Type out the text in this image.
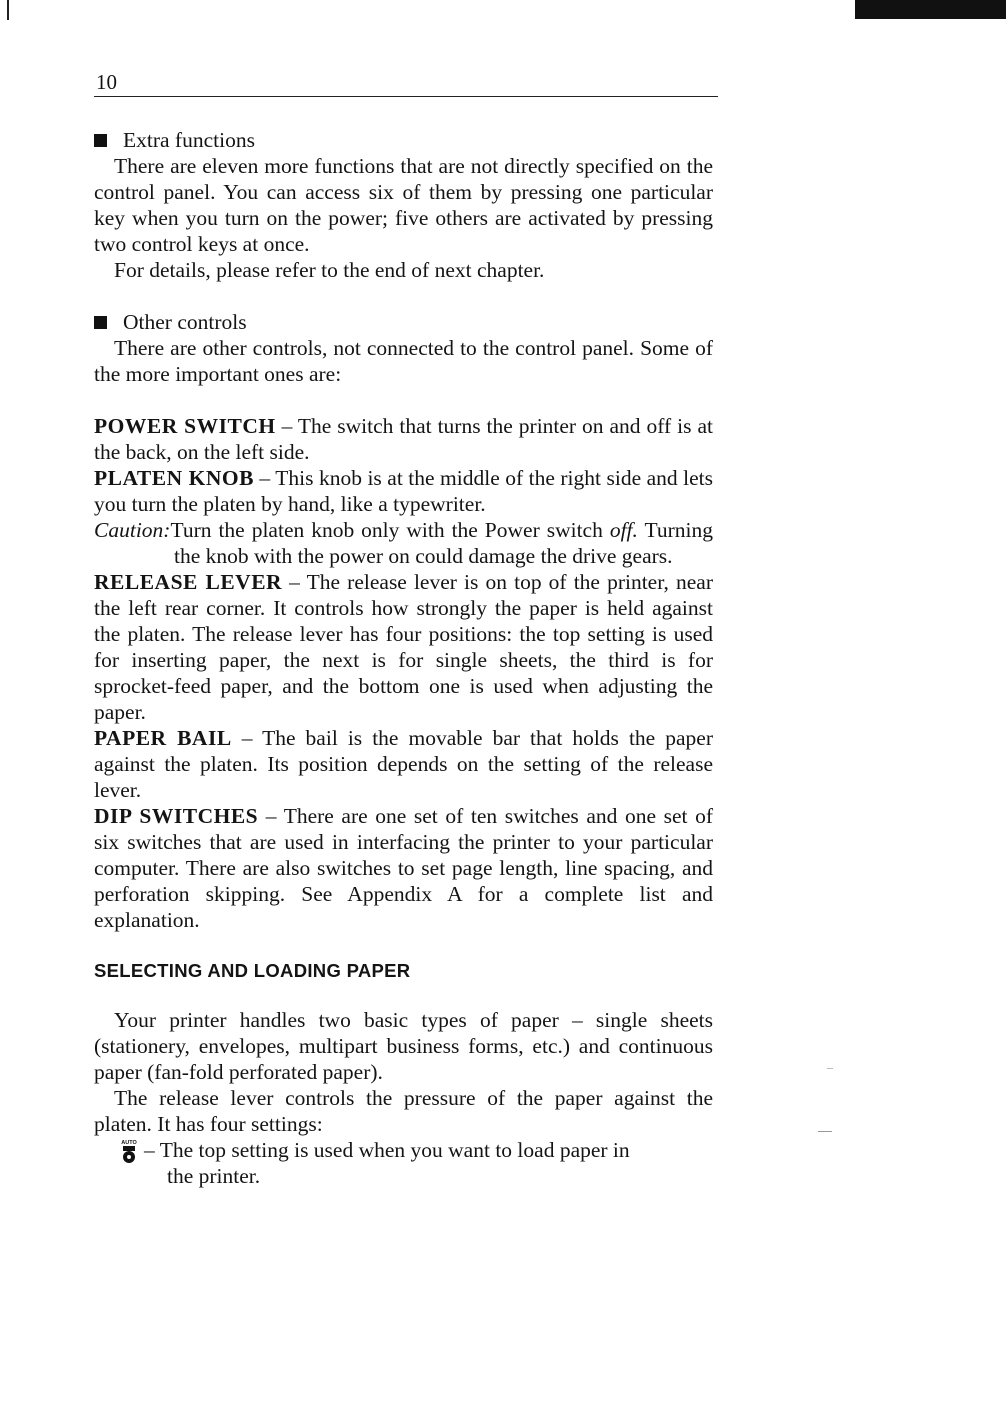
10
Extra functions

There are eleven more functions that are not directly specified on the control panel. You can access six of them by pressing one particular key when you turn on the power; five others are activated by pressing two control keys at once.

For details, please refer to the end of next chapter.

Other controls

There are other controls, not connected to the control panel. Some of the more important ones are:

POWER SWITCH – The switch that turns the printer on and off is at the back, on the left side.

PLATEN KNOB – This knob is at the middle of the right side and lets you turn the platen by hand, like a typewriter.

Caution:Turn the platen knob only with the Power switch off. Turning the knob with the power on could damage the drive gears.

RELEASE LEVER – The release lever is on top of the printer, near the left rear corner. It controls how strongly the paper is held against the platen. The release lever has four positions: the top setting is used for inserting paper, the next is for single sheets, the third is for sprocket-feed paper, and the bottom one is used when adjusting the paper.

PAPER BAIL – The bail is the movable bar that holds the paper against the platen. Its position depends on the setting of the release lever.

DIP SWITCHES – There are one set of ten switches and one set of six switches that are used in interfacing the printer to your particular computer. There are also switches to set page length, line spacing, and perforation skipping. See Appendix A for a complete list and explanation.

SELECTING AND LOADING PAPER

Your printer handles two basic types of paper – single sheets (stationery, envelopes, multipart business forms, etc.) and continuous paper (fan-fold perforated paper).

The release lever controls the pressure of the paper against the platen. It has four settings:

AUTO – The top setting is used when you want to load paper in

the printer.
